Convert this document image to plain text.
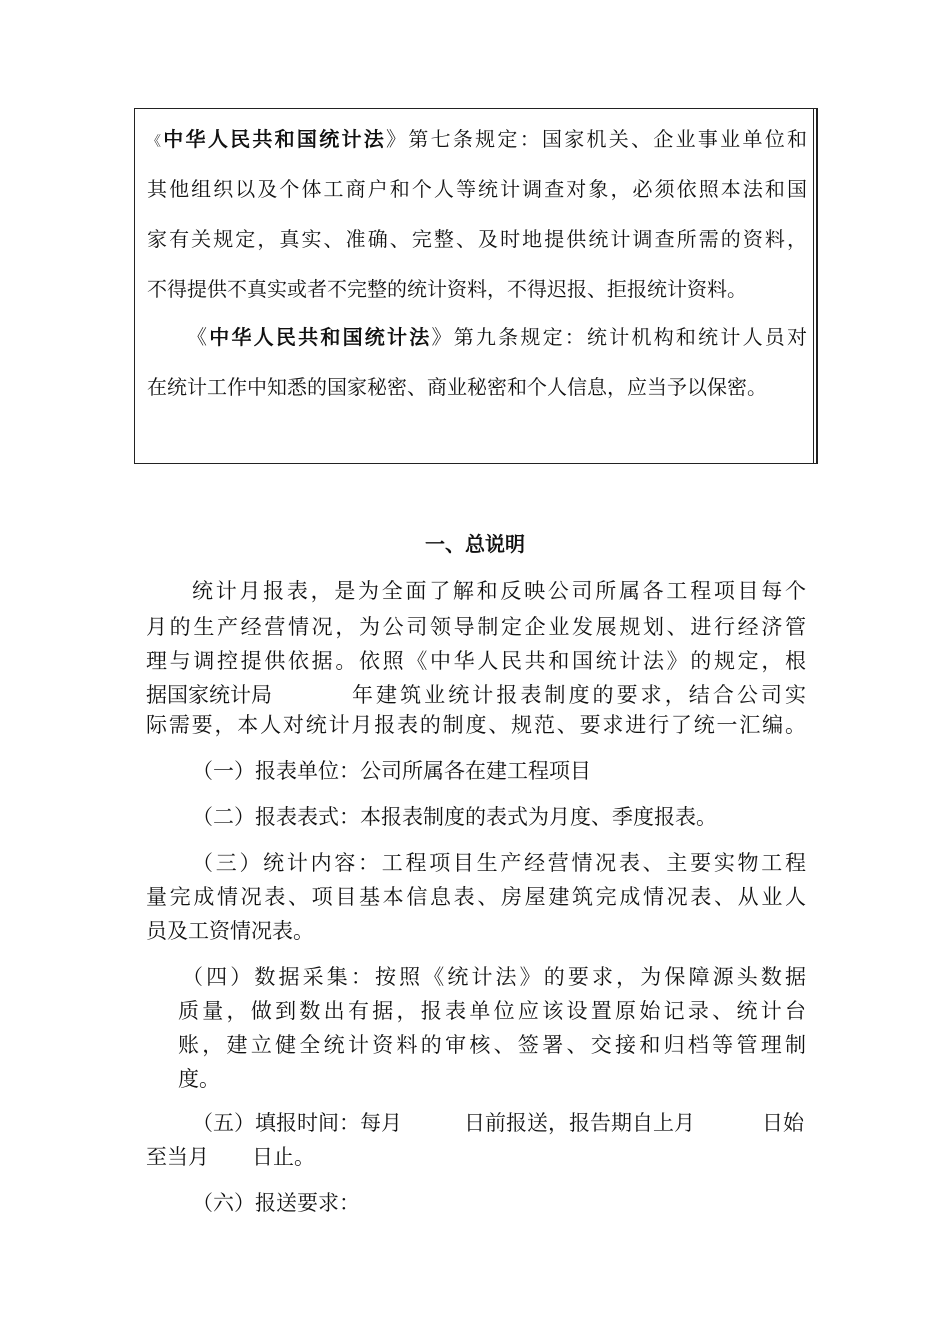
《中华人民共和国统计法》第七条规定：国家机关、企业事业单位和
其他组织以及个体工商户和个人等统计调查对象，必须依照本法和国
家有关规定，真实、准确、完整、及时地提供统计调查所需的资料，
不得提供不真实或者不完整的统计资料，不得迟报、拒报统计资料。
《中华人民共和国统计法》第九条规定：统计机构和统计人员对
在统计工作中知悉的国家秘密、商业秘密和个人信息，应当予以保密。
一、总说明
统计月报表，是为全面了解和反映公司所属各工程项目每个
月的生产经营情况，为公司领导制定企业发展规划、进行经济管
理与调控提供依据。依照《中华人民共和国统计法》的规定，根
据国家统计局	年建筑业统计报表制度的要求，结合公司实
际需要，本人对统计月报表的制度、规范、要求进行了统一汇编。
（一）报表单位：公司所属各在建工程项目
（二）报表表式：本报表制度的表式为月度、季度报表。
（三）统计内容：工程项目生产经营情况表、主要实物工程
量完成情况表、项目基本信息表、房屋建筑完成情况表、从业人
员及工资情况表。
（四）数据采集：按照《统计法》的要求，为保障源头数据
质量，做到数出有据，报表单位应该设置原始记录、统计台
账，建立健全统计资料的审核、签署、交接和归档等管理制
度。
（五）填报时间：每月	日前报送，报告期自上月	日始
至当月 日止。
（六）报送要求：
